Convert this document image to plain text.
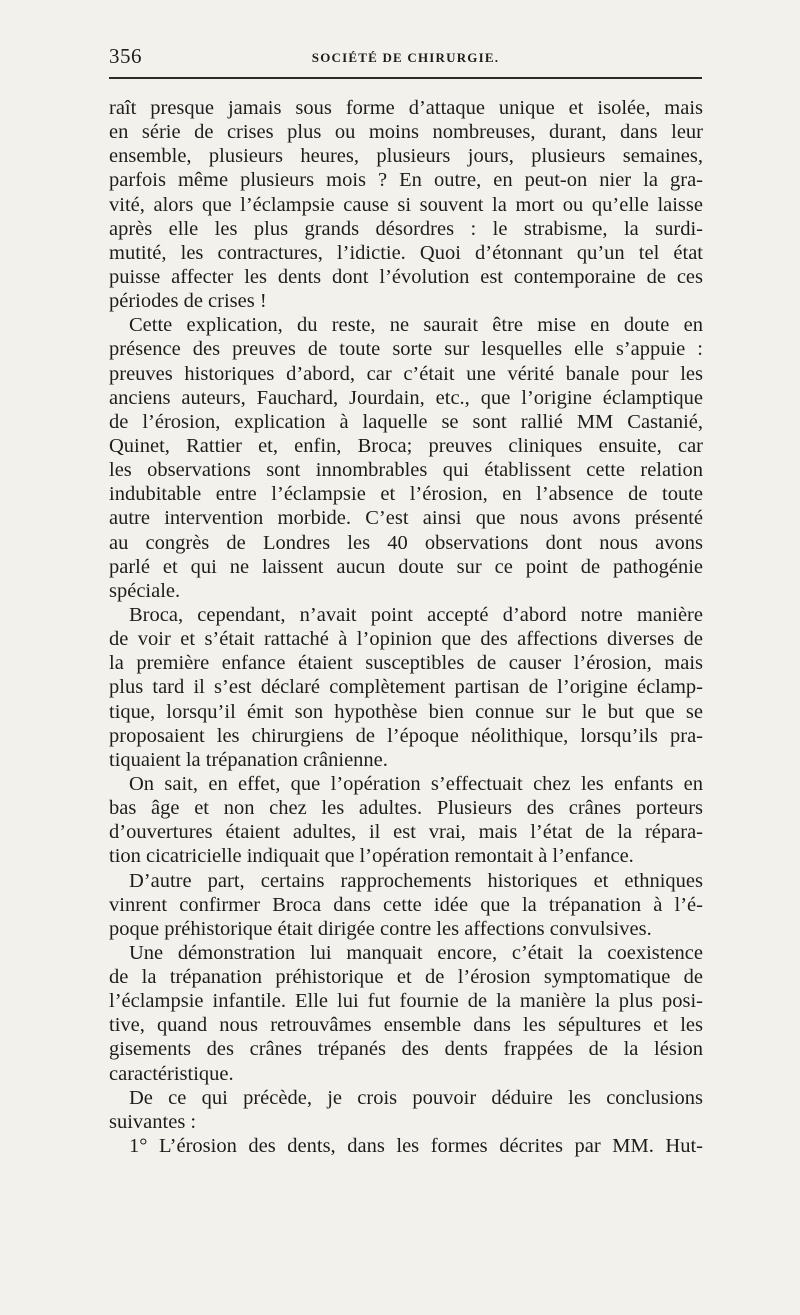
356	SOCIÉTÉ DE CHIRURGIE.
raît presque jamais sous forme d’attaque unique et isolée, mais
en série de crises plus ou moins nombreuses, durant, dans leur
ensemble, plusieurs heures, plusieurs jours, plusieurs semaines,
parfois même plusieurs mois ? En outre, en peut-on nier la gra-
vité, alors que l’éclampsie cause si souvent la mort ou qu’elle laisse
après elle les plus grands désordres : le strabisme, la surdi-
mutité, les contractures, l’idictie. Quoi d’étonnant qu’un tel état
puisse affecter les dents dont l’évolution est contemporaine de ces
périodes de crises !
Cette explication, du reste, ne saurait être mise en doute en
présence des preuves de toute sorte sur lesquelles elle s’appuie :
preuves historiques d’abord, car c’était une vérité banale pour les
anciens auteurs, Fauchard, Jourdain, etc., que l’origine éclamptique
de l’érosion, explication à laquelle se sont rallié MM Castanié,
Quinet, Rattier et, enfin, Broca; preuves cliniques ensuite, car
les observations sont innombrables qui établissent cette relation
indubitable entre l’éclampsie et l’érosion, en l’absence de toute
autre intervention morbide. C’est ainsi que nous avons présenté
au congrès de Londres les 40 observations dont nous avons
parlé et qui ne laissent aucun doute sur ce point de pathogénie
spéciale.
Broca, cependant, n’avait point accepté d’abord notre manière
de voir et s’était rattaché à l’opinion que des affections diverses de
la première enfance étaient susceptibles de causer l’érosion, mais
plus tard il s’est déclaré complètement partisan de l’origine éclamp-
tique, lorsqu’il émit son hypothèse bien connue sur le but que se
proposaient les chirurgiens de l’époque néolithique, lorsqu’ils pra-
tiquaient la trépanation crânienne.
On sait, en effet, que l’opération s’effectuait chez les enfants en
bas âge et non chez les adultes. Plusieurs des crânes porteurs
d’ouvertures étaient adultes, il est vrai, mais l’état de la répara-
tion cicatricielle indiquait que l’opération remontait à l’enfance.
D’autre part, certains rapprochements historiques et ethniques
vinrent confirmer Broca dans cette idée que la trépanation à l’é-
poque préhistorique était dirigée contre les affections convulsives.
Une démonstration lui manquait encore, c’était la coexistence
de la trépanation préhistorique et de l’érosion symptomatique de
l’éclampsie infantile. Elle lui fut fournie de la manière la plus posi-
tive, quand nous retrouvâmes ensemble dans les sépultures et les
gisements des crânes trépanés des dents frappées de la lésion
caractéristique.
De ce qui précède, je crois pouvoir déduire les conclusions
suivantes :
1° L’érosion des dents, dans les formes décrites par MM. Hut-
